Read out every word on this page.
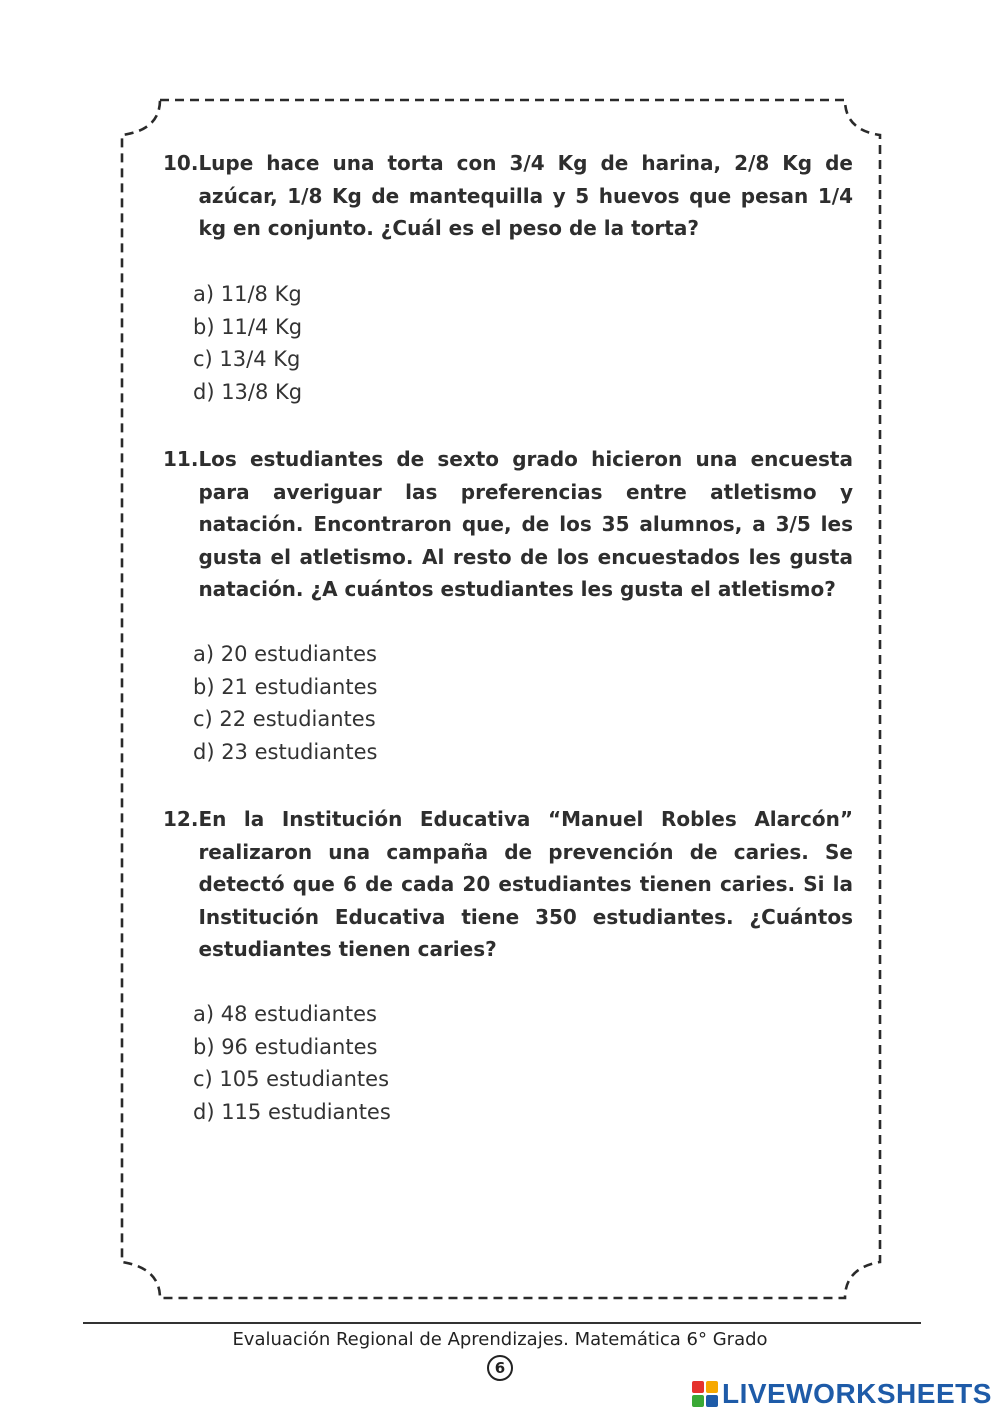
10. Lupe hace una torta con 3/4 Kg de harina, 2/8 Kg de azúcar, 1/8 Kg de mantequilla y 5 huevos que pesan 1/4 kg en conjunto. ¿Cuál es el peso de la torta?
a) 11/8 Kg
b) 11/4 Kg
c) 13/4 Kg
d) 13/8 Kg
11. Los estudiantes de sexto grado hicieron una encuesta para averiguar las preferencias entre atletismo y natación. Encontraron que, de los 35 alumnos, a 3/5 les gusta el atletismo. Al resto de los encuestados les gusta natación. ¿A cuántos estudiantes les gusta el atletismo?
a) 20 estudiantes
b) 21 estudiantes
c) 22 estudiantes
d) 23 estudiantes
12. En la Institución Educativa “Manuel Robles Alarcón” realizaron una campaña de prevención de caries. Se detectó que 6 de cada 20 estudiantes tienen caries. Si la Institución Educativa tiene 350 estudiantes. ¿Cuántos estudiantes tienen caries?
a) 48 estudiantes
b) 96 estudiantes
c) 105 estudiantes
d) 115 estudiantes
Evaluación Regional de Aprendizajes. Matemática 6° Grado
6
LIVEWORKSHEETS
